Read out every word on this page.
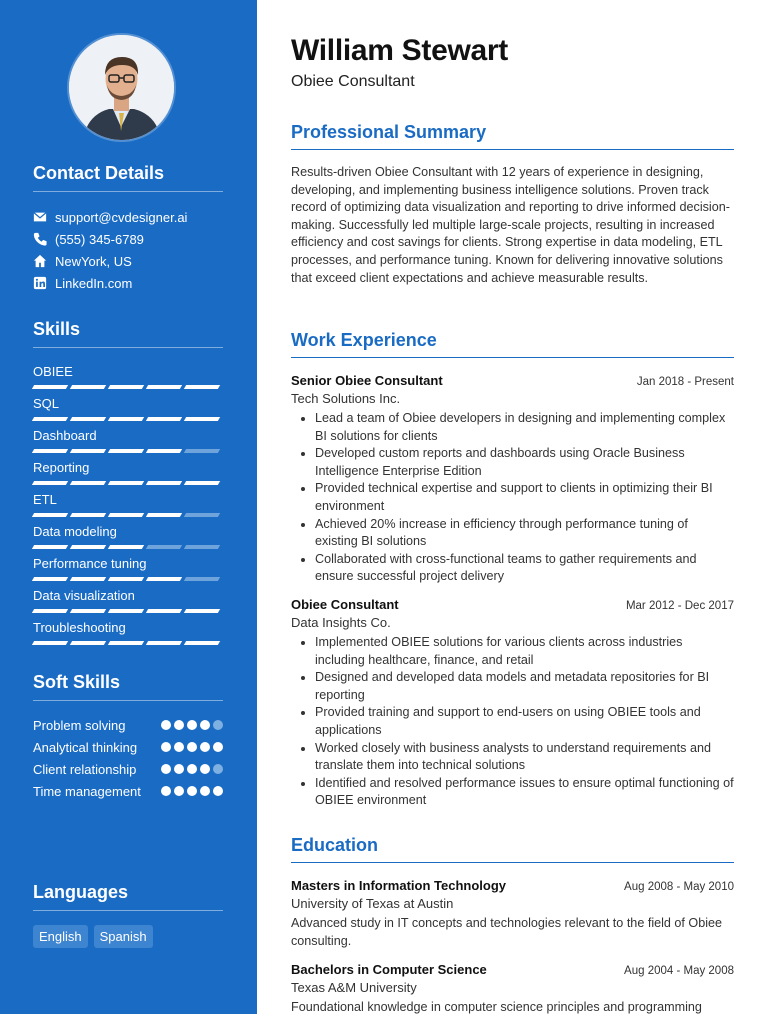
Contact Details
support@cvdesigner.ai
(555) 345-6789
NewYork, US
LinkedIn.com
Skills
OBIEE
SQL
Dashboard
Reporting
ETL
Data modeling
Performance tuning
Data visualization
Troubleshooting
Soft Skills
Problem solving
Analytical thinking
Client relationship
Time management
Languages
English	Spanish
William Stewart

Obiee Consultant

Professional Summary

Results-driven Obiee Consultant with 12 years of experience in designing, developing, and implementing business intelligence solutions. Proven track record of optimizing data visualization and reporting to drive informed decision-making. Successfully led multiple large-scale projects, resulting in increased efficiency and cost savings for clients. Strong expertise in data modeling, ETL processes, and performance tuning. Known for delivering innovative solutions that exceed client expectations and achieve measurable results.

Work Experience
Senior Obiee Consultant	Jan 2018 - Present
Tech Solutions Inc.
• Lead a team of Obiee developers in designing and implementing complex BI solutions for clients
• Developed custom reports and dashboards using Oracle Business Intelligence Enterprise Edition
• Provided technical expertise and support to clients in optimizing their BI environment
• Achieved 20% increase in efficiency through performance tuning of existing BI solutions
• Collaborated with cross-functional teams to gather requirements and ensure successful project delivery
Obiee Consultant	Mar 2012 - Dec 2017
Data Insights Co.
• Implemented OBIEE solutions for various clients across industries including healthcare, finance, and retail
• Designed and developed data models and metadata repositories for BI reporting
• Provided training and support to end-users on using OBIEE tools and applications
• Worked closely with business analysts to understand requirements and translate them into technical solutions
• Identified and resolved performance issues to ensure optimal functioning of OBIEE environment
Education
Masters in Information Technology	Aug 2008 - May 2010
University of Texas at Austin
Advanced study in IT concepts and technologies relevant to the field of Obiee consulting.
Bachelors in Computer Science	Aug 2004 - May 2008
Texas A&M University
Foundational knowledge in computer science principles and programming
